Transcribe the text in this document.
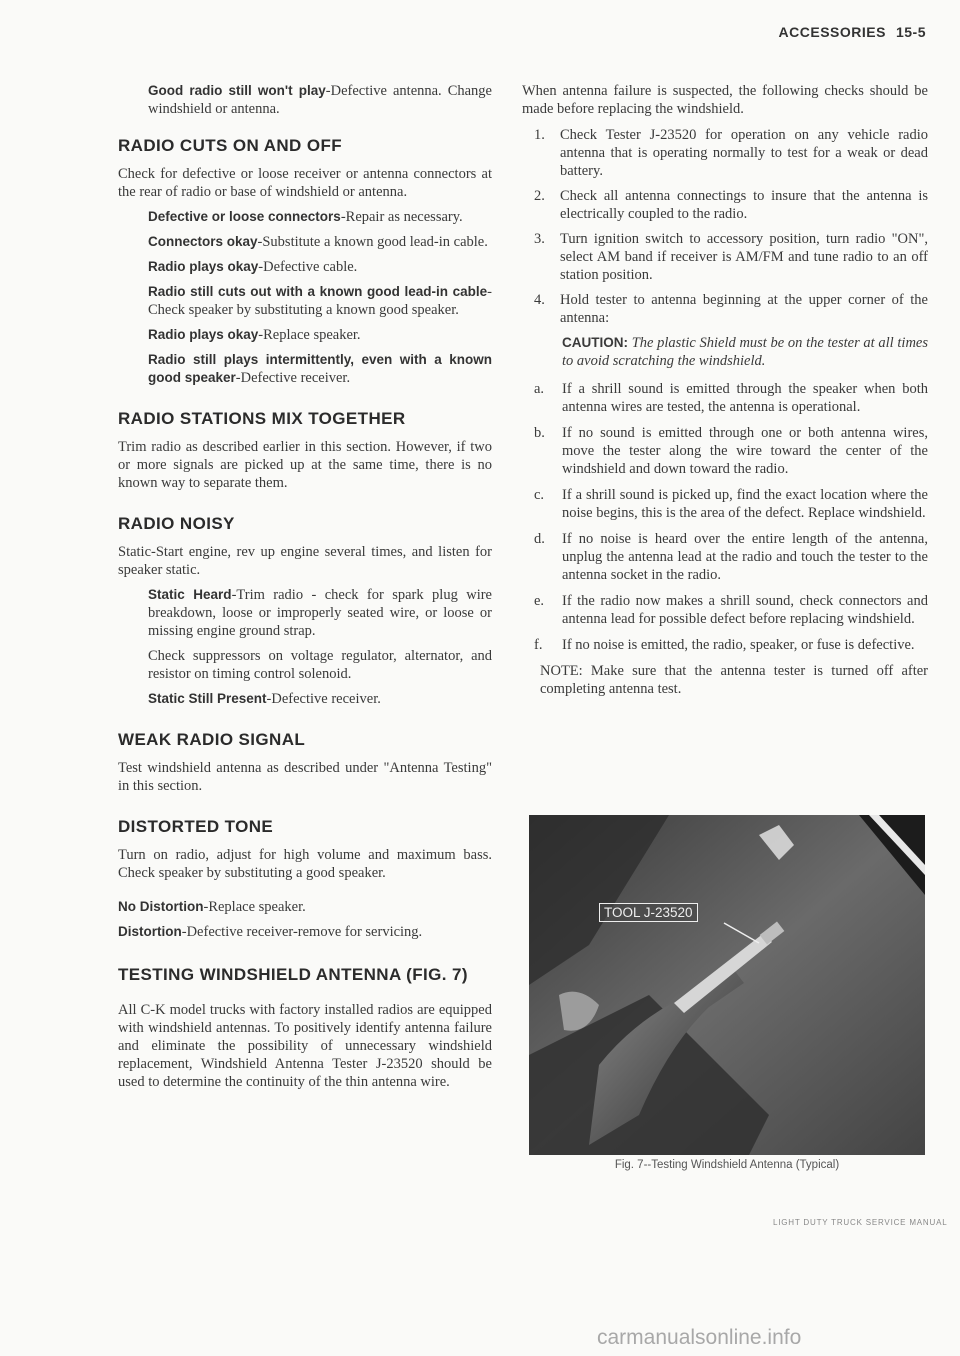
ACCESSORIES 15-5

Good radio still won't play-Defective antenna. Change windshield or antenna.

RADIO CUTS ON AND OFF

Check for defective or loose receiver or antenna connectors at the rear of radio or base of windshield or antenna.

Defective or loose connectors-Repair as necessary.

Connectors okay-Substitute a known good lead-in cable.

Radio plays okay-Defective cable.

Radio still cuts out with a known good lead-in cable-Check speaker by substituting a known good speaker.

Radio plays okay-Replace speaker.

Radio still plays intermittently, even with a known good speaker-Defective receiver.

RADIO STATIONS MIX TOGETHER

Trim radio as described earlier in this section. However, if two or more signals are picked up at the same time, there is no known way to separate them.

RADIO NOISY

Static-Start engine, rev up engine several times, and listen for speaker static.

Static Heard-Trim radio - check for spark plug wire breakdown, loose or improperly seated wire, or loose or missing engine ground strap.

Check suppressors on voltage regulator, alternator, and resistor on timing control solenoid.

Static Still Present-Defective receiver.

WEAK RADIO SIGNAL

Test windshield antenna as described under "Antenna Testing" in this section.

DISTORTED TONE

Turn on radio, adjust for high volume and maximum bass. Check speaker by substituting a good speaker.

No Distortion-Replace speaker.

Distortion-Defective receiver-remove for servicing.

TESTING WINDSHIELD ANTENNA (FIG. 7)

All C-K model trucks with factory installed radios are equipped with windshield antennas. To positively identify antenna failure and eliminate the possibility of unnecessary windshield replacement, Windshield Antenna Tester J-23520 should be used to determine the continuity of the thin antenna wire.

When antenna failure is suspected, the following checks should be made before replacing the windshield.

1. Check Tester J-23520 for operation on any vehicle radio antenna that is operating normally to test for a weak or dead battery.

2. Check all antenna connectings to insure that the antenna is electrically coupled to the radio.

3. Turn ignition switch to accessory position, turn radio "ON", select AM band if receiver is AM/FM and tune radio to an off station position.

4. Hold tester to antenna beginning at the upper corner of the antenna:

CAUTION: The plastic Shield must be on the tester at all times to avoid scratching the windshield.

a. If a shrill sound is emitted through the speaker when both antenna wires are tested, the antenna is operational.

b. If no sound is emitted through one or both antenna wires, move the tester along the wire toward the center of the windshield and down toward the radio.

c. If a shrill sound is picked up, find the exact location where the noise begins, this is the area of the defect. Replace windshield.

d. If no noise is heard over the entire length of the antenna, unplug the antenna lead at the radio and touch the tester to the antenna socket in the radio.

e. If the radio now makes a shrill sound, check connectors and antenna lead for possible defect before replacing windshield.

f. If no noise is emitted, the radio, speaker, or fuse is defective.

NOTE: Make sure that the antenna tester is turned off after completing antenna test.

TOOL J-23520
Fig. 7--Testing Windshield Antenna (Typical)
LIGHT DUTY TRUCK SERVICE MANUAL
carmanualsonline.info
